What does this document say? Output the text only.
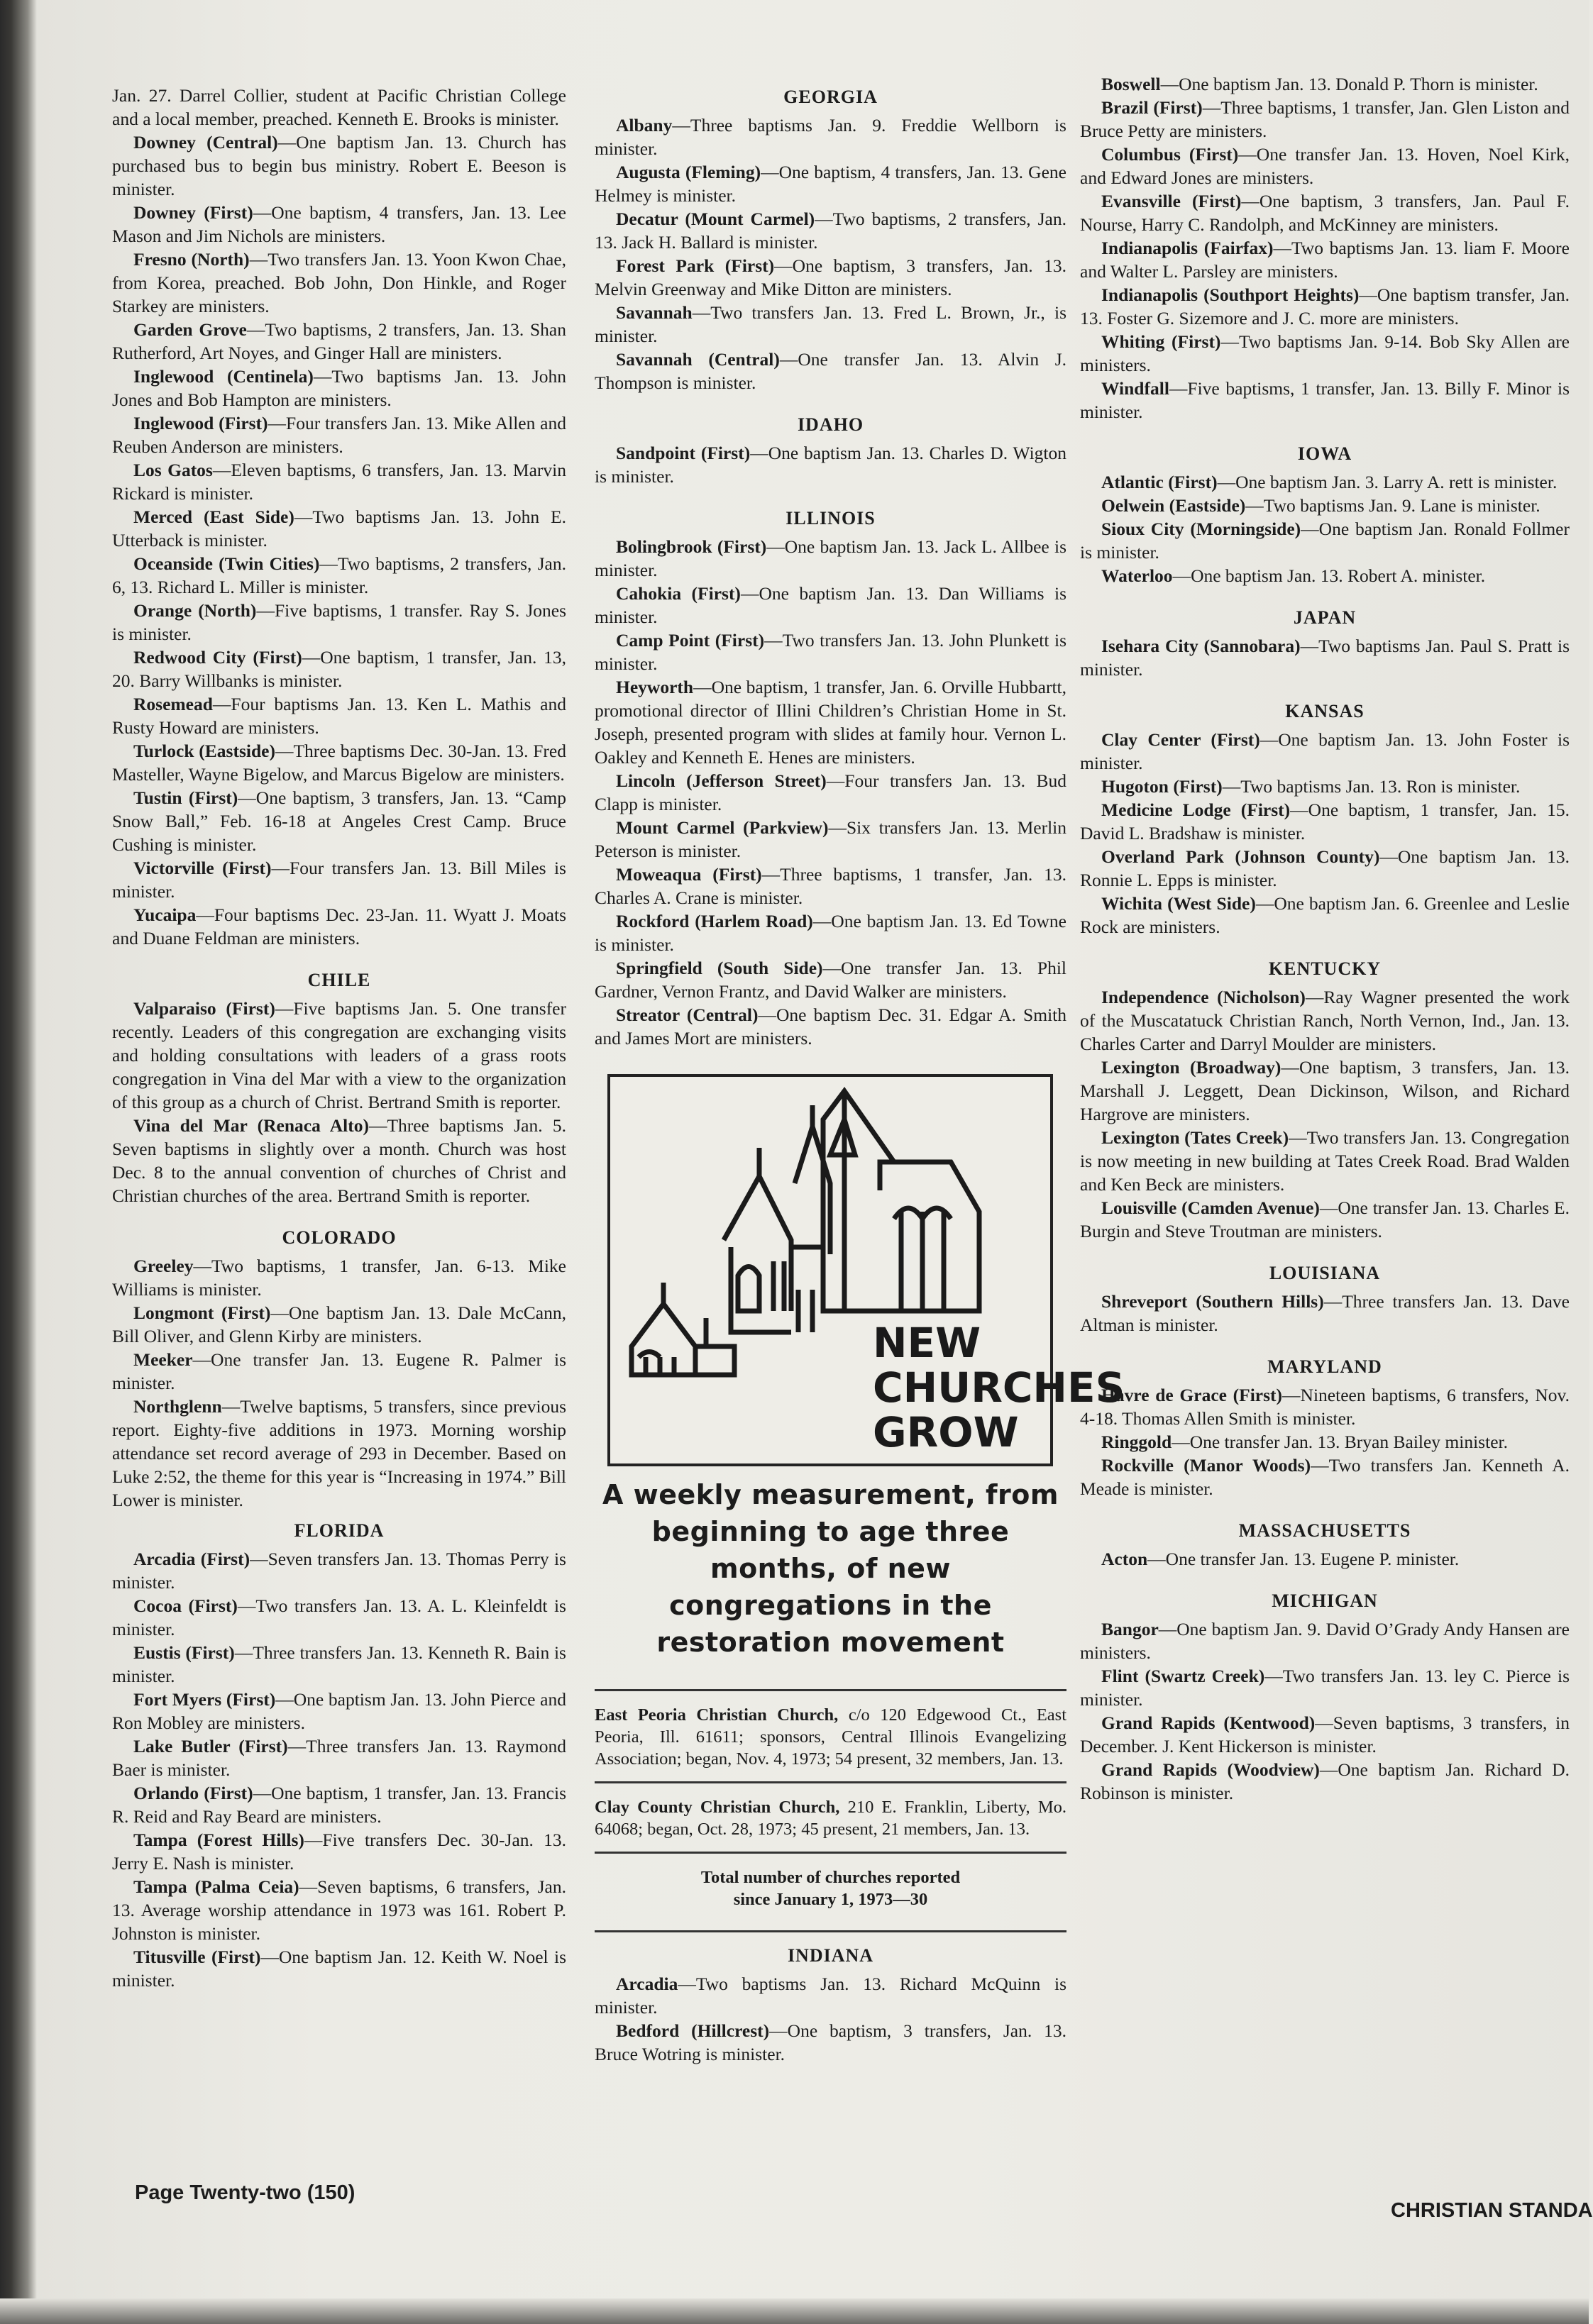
Jan. 27. Darrel Collier, student at Pacific Christian College and a local member, preached. Kenneth E. Brooks is minister.

Downey (Central)—One baptism Jan. 13. Church has purchased bus to begin bus ministry. Robert E. Beeson is minister.

Downey (First)—One baptism, 4 transfers, Jan. 13. Lee Mason and Jim Nichols are ministers.

Fresno (North)—Two transfers Jan. 13. Yoon Kwon Chae, from Korea, preached. Bob John, Don Hinkle, and Roger Starkey are ministers.

Garden Grove—Two baptisms, 2 transfers, Jan. 13. Shan Rutherford, Art Noyes, and Ginger Hall are ministers.

Inglewood (Centinela)—Two baptisms Jan. 13. John Jones and Bob Hampton are ministers.

Inglewood (First)—Four transfers Jan. 13. Mike Allen and Reuben Anderson are ministers.

Los Gatos—Eleven baptisms, 6 transfers, Jan. 13. Marvin Rickard is minister.

Merced (East Side)—Two baptisms Jan. 13. John E. Utterback is minister.

Oceanside (Twin Cities)—Two baptisms, 2 transfers, Jan. 6, 13. Richard L. Miller is minister.

Orange (North)—Five baptisms, 1 transfer. Ray S. Jones is minister.

Redwood City (First)—One baptism, 1 transfer, Jan. 13, 20. Barry Willbanks is minister.

Rosemead—Four baptisms Jan. 13. Ken L. Mathis and Rusty Howard are ministers.

Turlock (Eastside)—Three baptisms Dec. 30-Jan. 13. Fred Masteller, Wayne Bigelow, and Marcus Bigelow are ministers.

Tustin (First)—One baptism, 3 transfers, Jan. 13. “Camp Snow Ball,” Feb. 16-18 at Angeles Crest Camp. Bruce Cushing is minister.

Victorville (First)—Four transfers Jan. 13. Bill Miles is minister.

Yucaipa—Four baptisms Dec. 23-Jan. 11. Wyatt J. Moats and Duane Feldman are ministers.

CHILE

Valparaiso (First)—Five baptisms Jan. 5. One transfer recently. Leaders of this congregation are exchanging visits and holding consultations with leaders of a grass roots congregation in Vina del Mar with a view to the organization of this group as a church of Christ. Bertrand Smith is reporter.

Vina del Mar (Renaca Alto)—Three baptisms Jan. 5. Seven baptisms in slightly over a month. Church was host Dec. 8 to the annual convention of churches of Christ and Christian churches of the area. Bertrand Smith is reporter.

COLORADO

Greeley—Two baptisms, 1 transfer, Jan. 6-13. Mike Williams is minister.

Longmont (First)—One baptism Jan. 13. Dale McCann, Bill Oliver, and Glenn Kirby are ministers.

Meeker—One transfer Jan. 13. Eugene R. Palmer is minister.

Northglenn—Twelve baptisms, 5 transfers, since previous report. Eighty-five additions in 1973. Morning worship attendance set record average of 293 in December. Based on Luke 2:52, the theme for this year is “Increasing in 1974.” Bill Lower is minister.

FLORIDA

Arcadia (First)—Seven transfers Jan. 13. Thomas Perry is minister.

Cocoa (First)—Two transfers Jan. 13. A. L. Kleinfeldt is minister.

Eustis (First)—Three transfers Jan. 13. Kenneth R. Bain is minister.

Fort Myers (First)—One baptism Jan. 13. John Pierce and Ron Mobley are ministers.

Lake Butler (First)—Three transfers Jan. 13. Raymond Baer is minister.

Orlando (First)—One baptism, 1 transfer, Jan. 13. Francis R. Reid and Ray Beard are ministers.

Tampa (Forest Hills)—Five transfers Dec. 30-Jan. 13. Jerry E. Nash is minister.

Tampa (Palma Ceia)—Seven baptisms, 6 transfers, Jan. 13. Average worship attendance in 1973 was 161. Robert P. Johnston is minister.

Titusville (First)—One baptism Jan. 12. Keith W. Noel is minister.

GEORGIA

Albany—Three baptisms Jan. 9. Freddie Wellborn is minister.

Augusta (Fleming)—One baptism, 4 transfers, Jan. 13. Gene Helmey is minister.

Decatur (Mount Carmel)—Two baptisms, 2 transfers, Jan. 13. Jack H. Ballard is minister.

Forest Park (First)—One baptism, 3 transfers, Jan. 13. Melvin Greenway and Mike Ditton are ministers.

Savannah—Two transfers Jan. 13. Fred L. Brown, Jr., is minister.

Savannah (Central)—One transfer Jan. 13. Alvin J. Thompson is minister.

IDAHO

Sandpoint (First)—One baptism Jan. 13. Charles D. Wigton is minister.

ILLINOIS

Bolingbrook (First)—One baptism Jan. 13. Jack L. Allbee is minister.

Cahokia (First)—One baptism Jan. 13. Dan Williams is minister.

Camp Point (First)—Two transfers Jan. 13. John Plunkett is minister.

Heyworth—One baptism, 1 transfer, Jan. 6. Orville Hubbartt, promotional director of Illini Children’s Christian Home in St. Joseph, presented program with slides at family hour. Vernon L. Oakley and Kenneth E. Henes are ministers.

Lincoln (Jefferson Street)—Four transfers Jan. 13. Bud Clapp is minister.

Mount Carmel (Parkview)—Six transfers Jan. 13. Merlin Peterson is minister.

Moweaqua (First)—Three baptisms, 1 transfer, Jan. 13. Charles A. Crane is minister.

Rockford (Harlem Road)—One baptism Jan. 13. Ed Towne is minister.

Springfield (South Side)—One transfer Jan. 13. Phil Gardner, Vernon Frantz, and David Walker are ministers.

Streator (Central)—One baptism Dec. 31. Edgar A. Smith and James Mort are ministers.

NEW
CHURCHES
GROW
A weekly measurement, from beginning to age three months, of new congregations in the restoration movement

East Peoria Christian Church, c/o 120 Edgewood Ct., East Peoria, Ill. 61611; sponsors, Central Illinois Evangelizing Association; began, Nov. 4, 1973; 54 present, 32 members, Jan. 13.

Clay County Christian Church, 210 E. Franklin, Liberty, Mo. 64068; began, Oct. 28, 1973; 45 present, 21 members, Jan. 13.

Total number of churches reported
since January 1, 1973—30
INDIANA

Arcadia—Two baptisms Jan. 13. Richard McQuinn is minister.

Bedford (Hillcrest)—One baptism, 3 transfers, Jan. 13. Bruce Wotring is minister.

Boswell—One baptism Jan. 13. Donald P. Thorn is minister.

Brazil (First)—Three baptisms, 1 transfer, Jan. Glen Liston and Bruce Petty are ministers.

Columbus (First)—One transfer Jan. 13. Hoven, Noel Kirk, and Edward Jones are ministers.

Evansville (First)—One baptism, 3 transfers, Jan. Paul F. Nourse, Harry C. Randolph, and McKinney are ministers.

Indianapolis (Fairfax)—Two baptisms Jan. 13. liam F. Moore and Walter L. Parsley are ministers.

Indianapolis (Southport Heights)—One baptism transfer, Jan. 13. Foster G. Sizemore and J. C. more are ministers.

Whiting (First)—Two baptisms Jan. 9-14. Bob Sky Allen are ministers.

Windfall—Five baptisms, 1 transfer, Jan. 13. Billy F. Minor is minister.

IOWA

Atlantic (First)—One baptism Jan. 3. Larry A. rett is minister.

Oelwein (Eastside)—Two baptisms Jan. 9. Lane is minister.

Sioux City (Morningside)—One baptism Jan. Ronald Follmer is minister.

Waterloo—One baptism Jan. 13. Robert A. minister.

JAPAN

Isehara City (Sannobara)—Two baptisms Jan. Paul S. Pratt is minister.

KANSAS

Clay Center (First)—One baptism Jan. 13. John Foster is minister.

Hugoton (First)—Two baptisms Jan. 13. Ron is minister.

Medicine Lodge (First)—One baptism, 1 transfer, Jan. 15. David L. Bradshaw is minister.

Overland Park (Johnson County)—One baptism Jan. 13. Ronnie L. Epps is minister.

Wichita (West Side)—One baptism Jan. 6. Greenlee and Leslie Rock are ministers.

KENTUCKY

Independence (Nicholson)—Ray Wagner presented the work of the Muscatatuck Christian Ranch, North Vernon, Ind., Jan. 13. Charles Carter and Darryl Moulder are ministers.

Lexington (Broadway)—One baptism, 3 transfers, Jan. 13. Marshall J. Leggett, Dean Dickinson, Wilson, and Richard Hargrove are ministers.

Lexington (Tates Creek)—Two transfers Jan. 13. Congregation is now meeting in new building at Tates Creek Road. Brad Walden and Ken Beck are ministers.

Louisville (Camden Avenue)—One transfer Jan. 13. Charles E. Burgin and Steve Troutman are ministers.

LOUISIANA

Shreveport (Southern Hills)—Three transfers Jan. 13. Dave Altman is minister.

MARYLAND

Havre de Grace (First)—Nineteen baptisms, 6 transfers, Nov. 4-18. Thomas Allen Smith is minister.

Ringgold—One transfer Jan. 13. Bryan Bailey minister.

Rockville (Manor Woods)—Two transfers Jan. Kenneth A. Meade is minister.

MASSACHUSETTS

Acton—One transfer Jan. 13. Eugene P. minister.

MICHIGAN

Bangor—One baptism Jan. 9. David O’Grady Andy Hansen are ministers.

Flint (Swartz Creek)—Two transfers Jan. 13. ley C. Pierce is minister.

Grand Rapids (Kentwood)—Seven baptisms, 3 transfers, in December. J. Kent Hickerson is minister.

Grand Rapids (Woodview)—One baptism Jan. Richard D. Robinson is minister.

Page Twenty-two (150)
CHRISTIAN STANDA
